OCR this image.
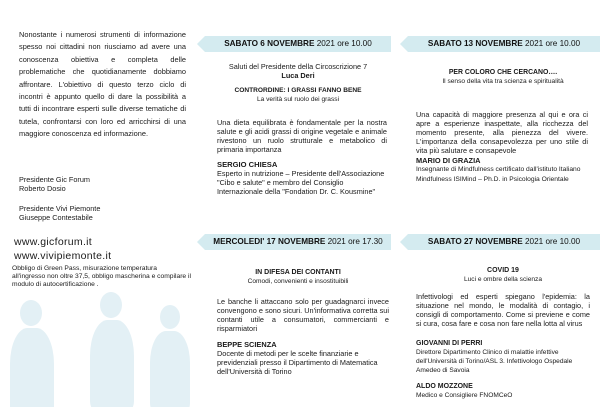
Nonostante i numerosi strumenti di informazione spesso noi cittadini non riusciamo ad avere una conoscenza obiettiva e completa delle problematiche che quotidianamente dobbiamo affrontare. L'obiettivo di questo terzo ciclo di incontri è appunto quello di dare la possibilità a tutti di incontrare esperti sulle diverse tematiche di tutela, confrontarsi con loro ed arricchirsi di una maggiore conoscenza ed informazione.
Presidente Gic Forum
Roberto Dosio
Presidente Vivi Piemonte
Giuseppe Contestabile
www.gicforum.it
www.vivipiemonte.it
Obbligo di Green Pass, misurazione temperatura all'ingresso non oltre 37,5, obbligo mascherina e compilare il modulo di autocertificazione .
SABATO 6 NOVEMBRE 2021 ore 10.00
Saluti del Presidente della Circoscrizione 7
Luca Deri
CONTRORDINE: I GRASSI FANNO BENE
La verità sul ruolo dei grassi
Una dieta equilibrata è fondamentale per la nostra salute e gli acidi grassi di origine vegetale e animale rivestono un ruolo strutturale e metabolico di primaria importanza
SERGIO CHIESA
Esperto in nutrizione – Presidente dell'Associazione "Cibo e salute" e membro del Consiglio Internazionale della "Fondation Dr. C. Kousmine"
SABATO 13 NOVEMBRE 2021 ore 10.00
PER COLORO CHE CERCANO….
Il senso della vita tra scienza e spiritualità
Una capacità di maggiore presenza al qui e ora ci apre a esperienze inaspettate, alla ricchezza del momento presente, alla pienezza del vivere. L'importanza della consapevolezza per uno stile di vita più salutare e consapevole
MARIO DI GRAZIA
Insegnante di Mindfulness certificato dall'istituto Italiano Mindfulness ISIMind – Ph.D. in Psicologia Orientale
MERCOLEDI' 17 NOVEMBRE 2021 ore 17.30
IN DIFESA DEI CONTANTI
Comodi, convenienti e insostituibili
Le banche li attaccano solo per guadagnarci invece convengono e sono sicuri. Un'informativa corretta sui contanti utile a consumatori, commercianti e risparmiatori
BEPPE SCIENZA
Docente di metodi per le scelte finanziarie e previdenziali presso il Dipartimento di Matematica dell'Università di Torino
SABATO 27 NOVEMBRE 2021 ore 10.00
COVID 19
Luci e ombre della scienza
Infettivologi ed esperti spiegano l'epidemia: la situazione nel mondo, le modalità di contagio, i consigli di comportamento. Come si previene e come si cura, cosa fare e cosa non fare nella lotta al virus
GIOVANNI DI PERRI
Direttore Dipartimento Clinico di malattie infettive dell'Università di Torino/ASL 3. Infettivologo Ospedale Amedeo di Savoia
ALDO MOZZONE
Medico e Consigliere FNOMCeO
